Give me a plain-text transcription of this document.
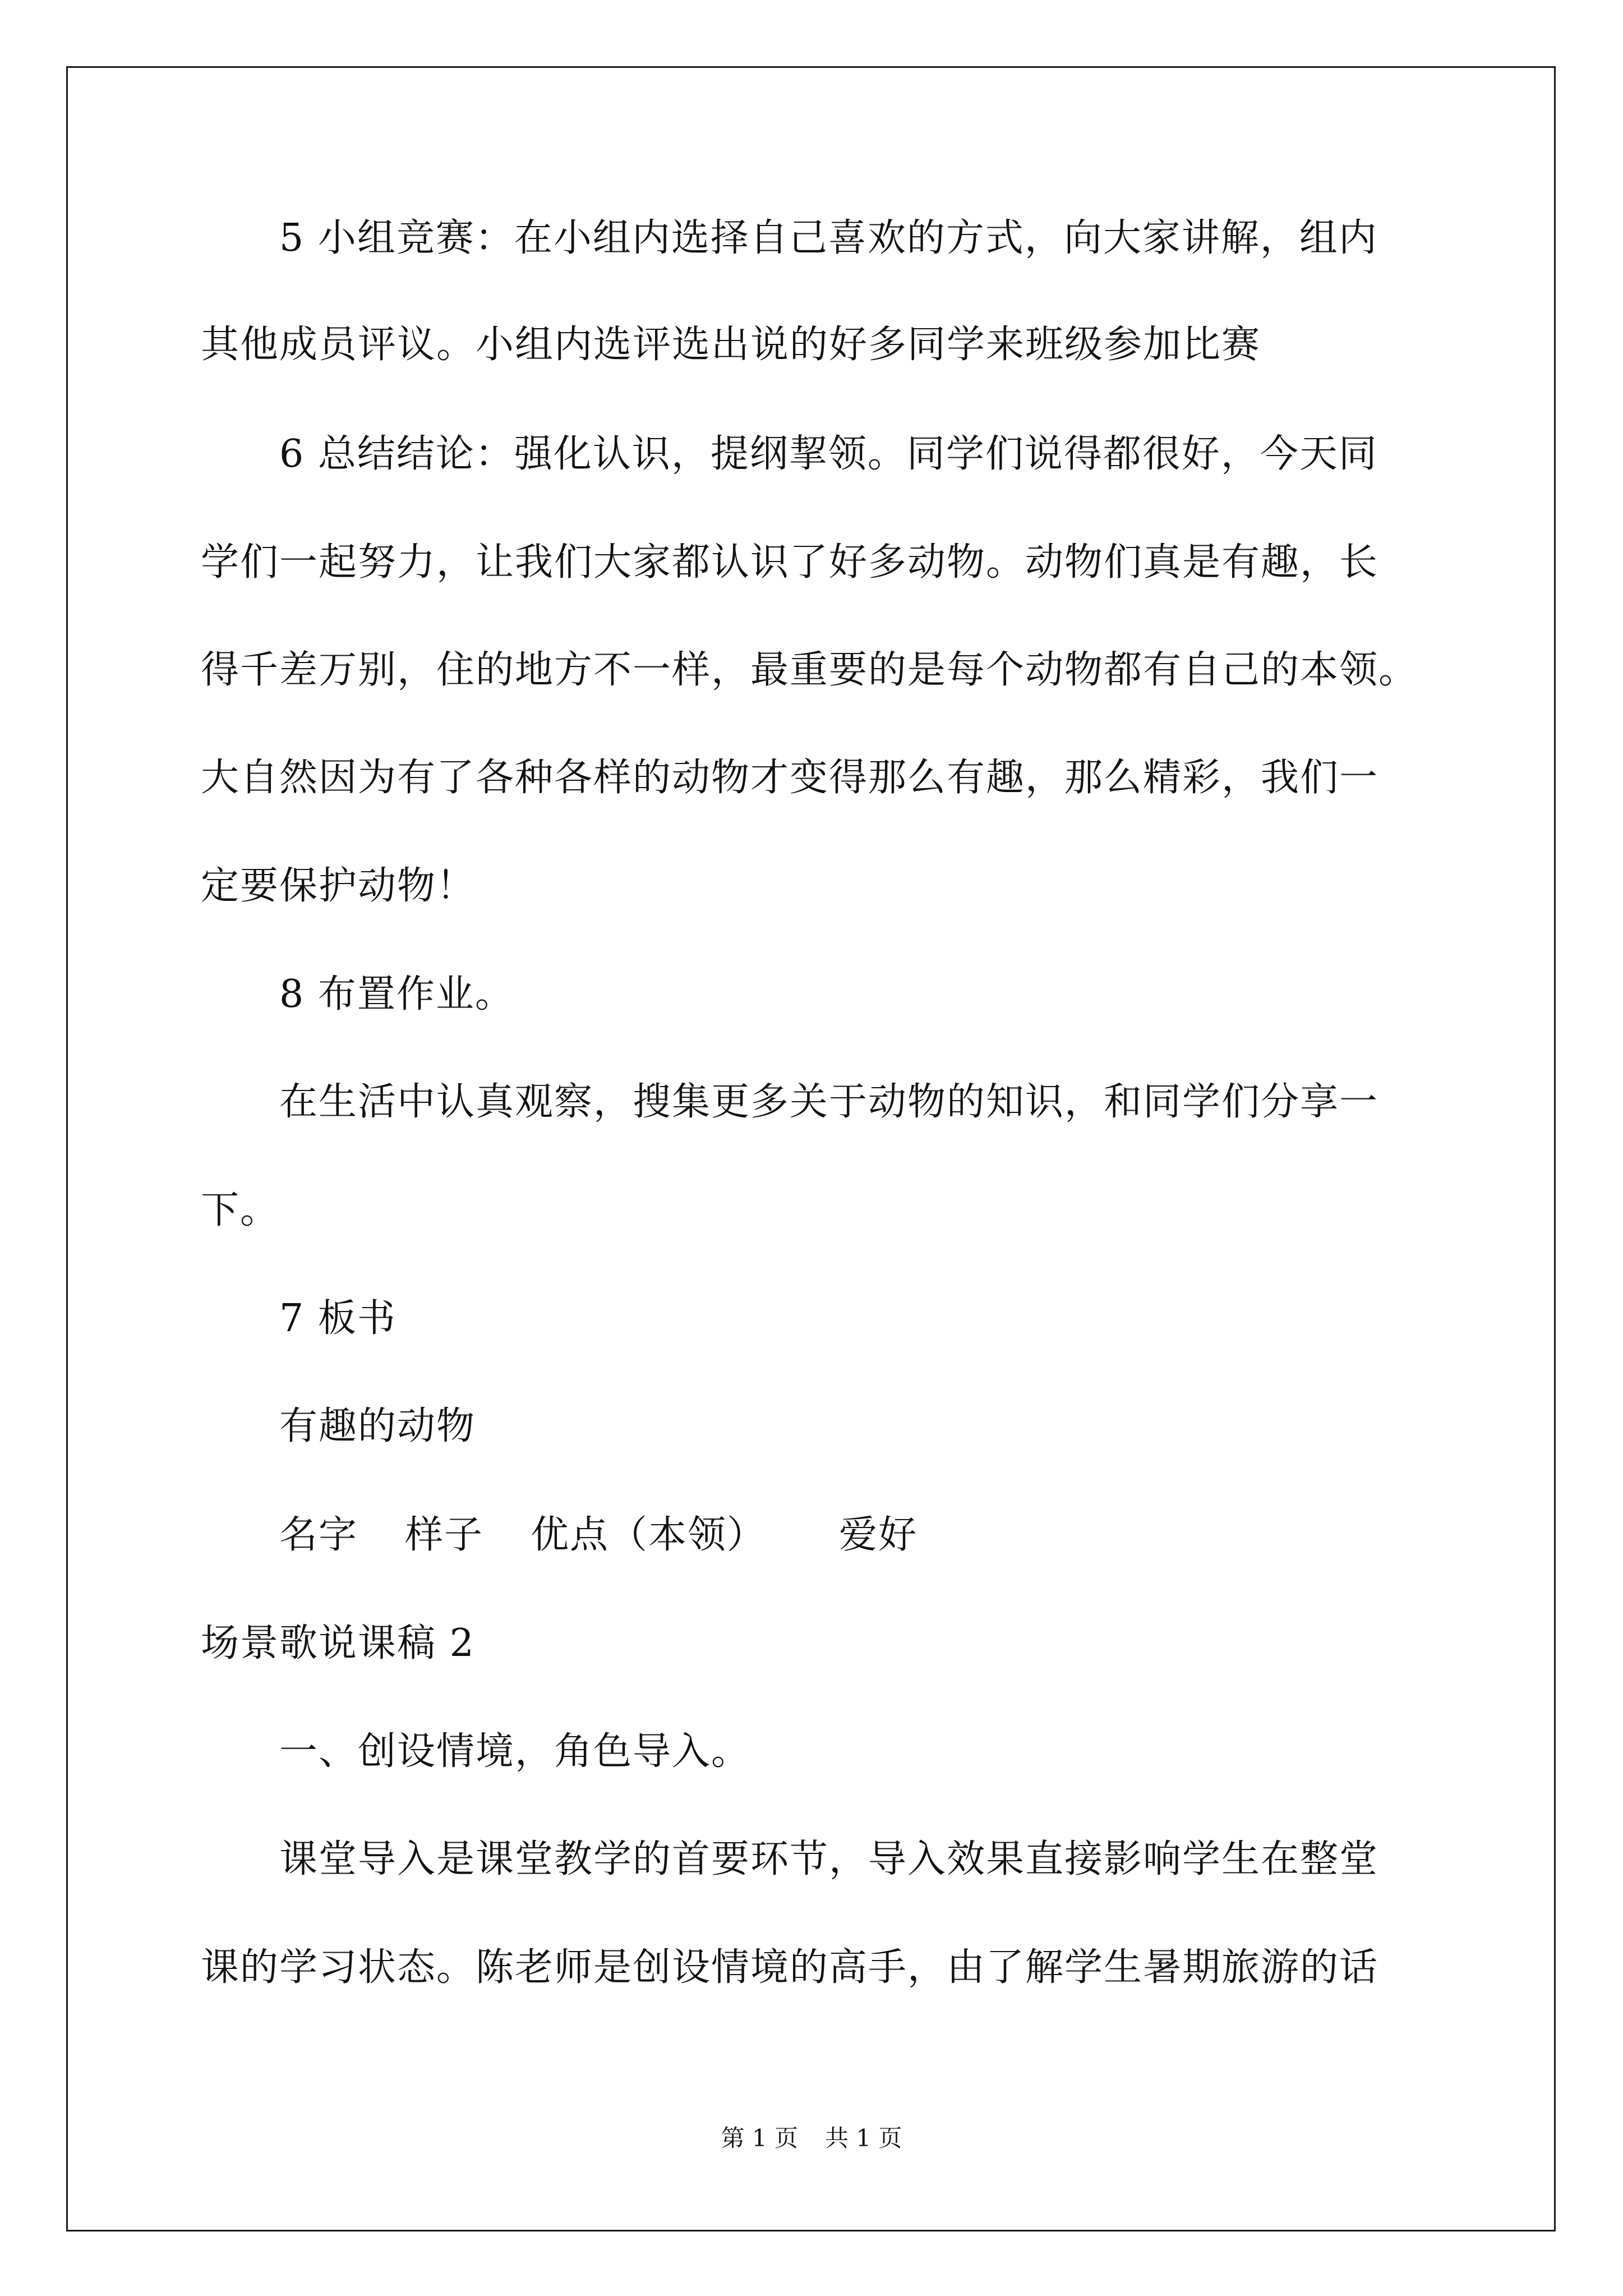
5 小组竞赛：在小组内选择自己喜欢的方式，向大家讲解，组内
其他成员评议。小组内选评选出说的好多同学来班级参加比赛
6 总结结论：强化认识，提纲挈领。同学们说得都很好，今天同
学们一起努力，让我们大家都认识了好多动物。动物们真是有趣，长
得千差万别，住的地方不一样，最重要的是每个动物都有自己的本领。
大自然因为有了各种各样的动物才变得那么有趣，那么精彩，我们一
定要保护动物！
8 布置作业。
在生活中认真观察，搜集更多关于动物的知识，和同学们分享一
下。
7 板书
有趣的动物
名字 样子 优点（本领） 爱好
场景歌说课稿 2
一、创设情境，角色导入。
课堂导入是课堂教学的首要环节，导入效果直接影响学生在整堂
课的学习状态。陈老师是创设情境的高手，由了解学生暑期旅游的话
第 1 页 共 1 页
